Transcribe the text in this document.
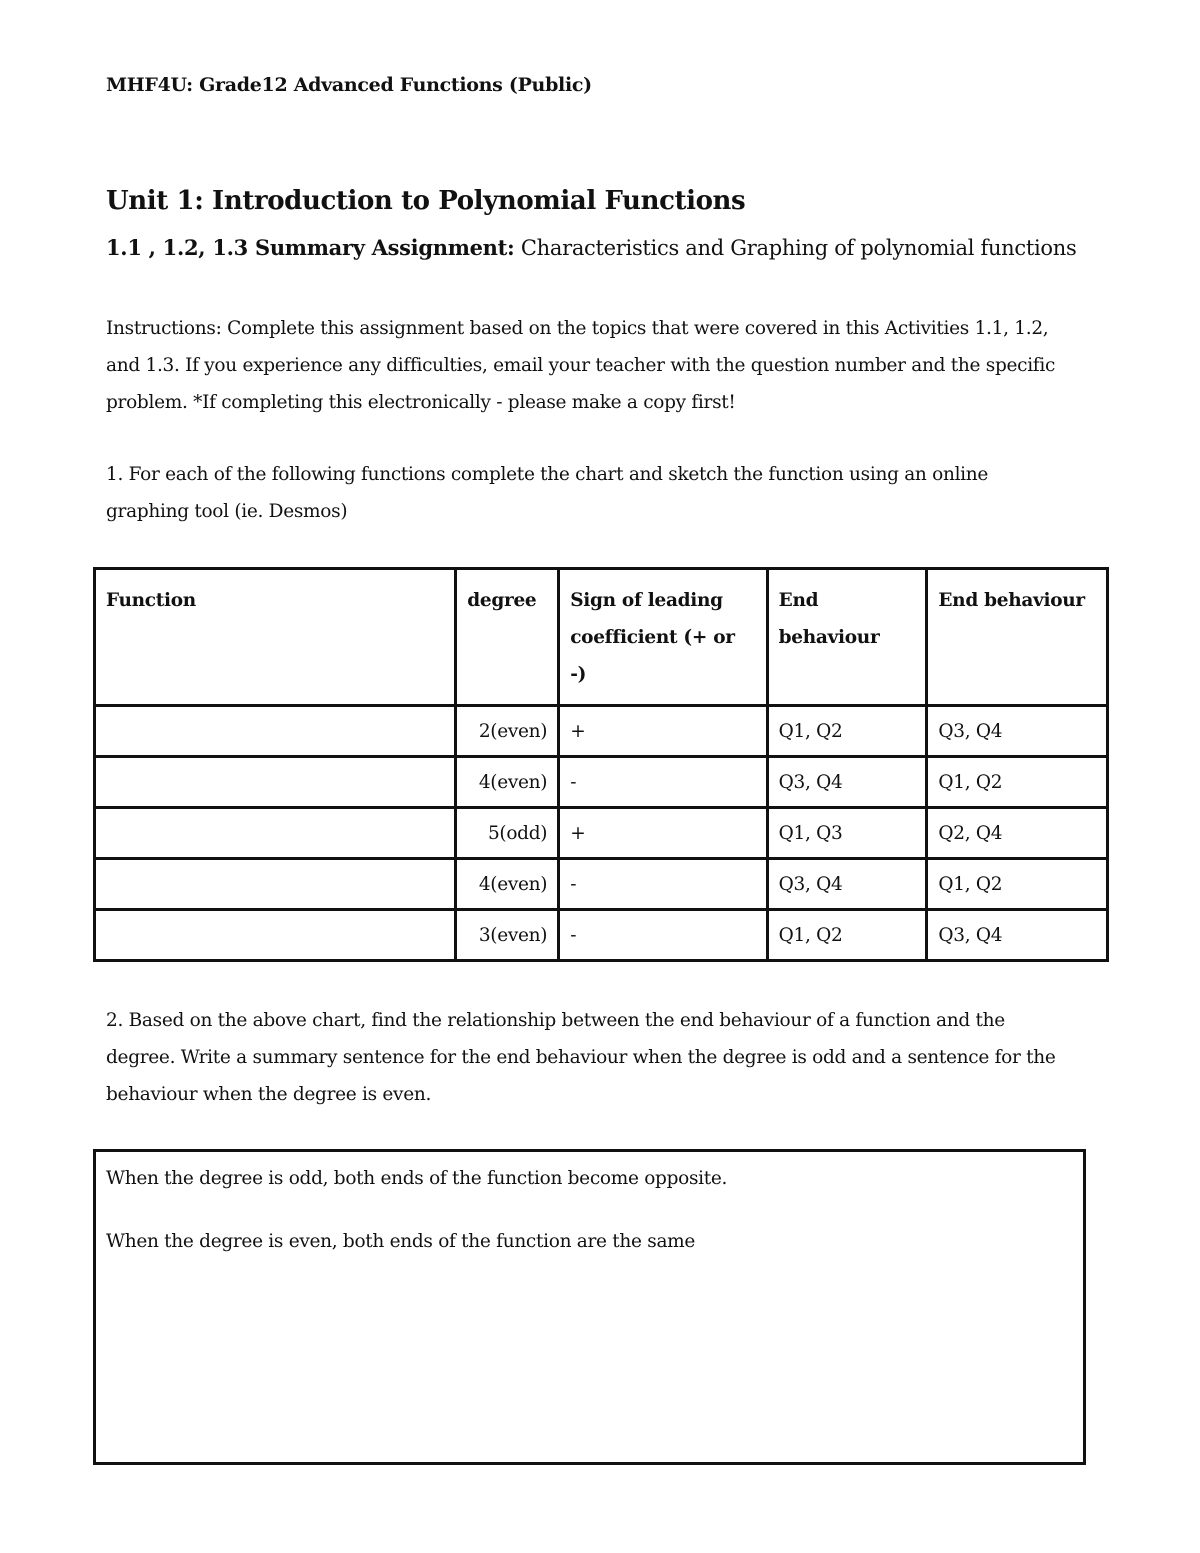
MHF4U: Grade12 Advanced Functions (Public)
Unit 1: Introduction to Polynomial Functions
1.1 , 1.2, 1.3 Summary Assignment: Characteristics and Graphing of polynomial functions
Instructions: Complete this assignment based on the topics that were covered in this Activities 1.1, 1.2,
and 1.3. If you experience any difficulties, email your teacher with the question number and the specific
problem. *If completing this electronically - please make a copy first!
1. For each of the following functions complete the chart and sketch the function using an online
graphing tool (ie. Desmos)
Function	degree	Sign of leading coefficient (+ or -)	End behaviour	End behaviour
	2(even)	+	Q1, Q2	Q3, Q4
	4(even)	-	Q3, Q4	Q1, Q2
	5(odd)	+	Q1, Q3	Q2, Q4
	4(even)	-	Q3, Q4	Q1, Q2
	3(even)	-	Q1, Q2	Q3, Q4
2. Based on the above chart, find the relationship between the end behaviour of a function and the
degree. Write a summary sentence for the end behaviour when the degree is odd and a sentence for the
behaviour when the degree is even.
When the degree is odd, both ends of the function become opposite.
When the degree is even, both ends of the function are the same
